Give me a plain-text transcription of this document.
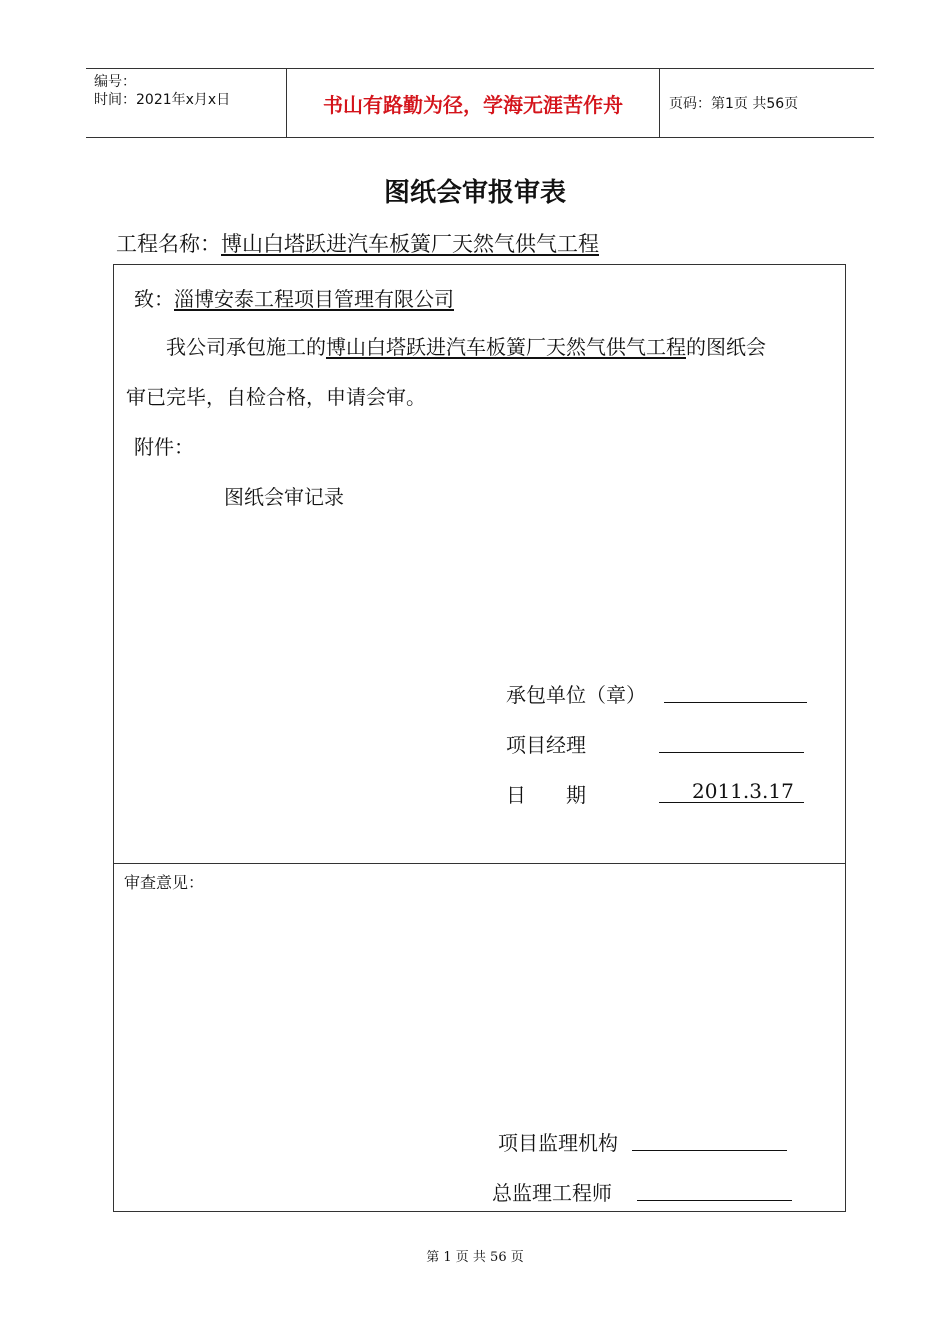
编号：
时间：2021年x月x日	书山有路勤为径，学海无涯苦作舟	页码：第1页 共56页
图纸会审报审表
工程名称：博山白塔跃进汽车板簧厂天然气供气工程
致：淄博安泰工程项目管理有限公司
我公司承包施工的博山白塔跃进汽车板簧厂天然气供气工程的图纸会
审已完毕，自检合格，申请会审。
附件：
图纸会审记录
承包单位（章）
项目经理
日　　期	2011.3.17
审查意见：
项目监理机构
总监理工程师
第 1 页 共 56 页
